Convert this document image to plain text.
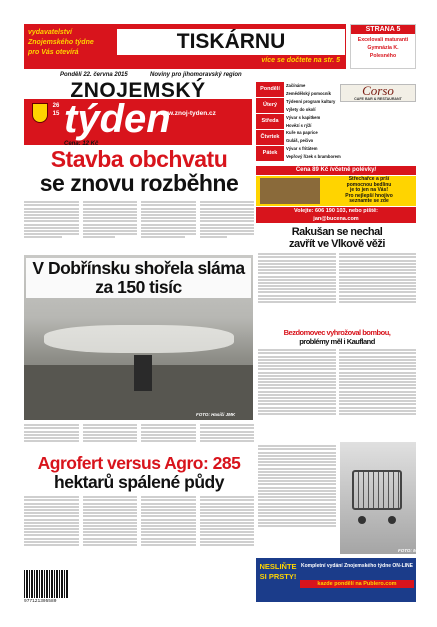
vydavatelství
Znojemského týdne
pro Vás otevírá	TISKÁRNU
více se dočtete na str. 5
STRANA 5
Excelovali maturanti
Gymnázia K.
Polesného
Pondělí 22. června 2015	Noviny pro jihomoravský region
ZNOJEMSKÝ
26
15 týden
www.znoj-tyden.cz
Cena: 12 Kč
Pondělí
Úterý
Středa
Čtvrtek
Pátek
Začínáme
Zemědělský pomocník
Týdenní program kultury
Výlety do okolí
Vývar s kapitkem
Hovězí s rýží
Kuře na paprice
Guláš, pečivo
Vývar s fritátem
Vepřový řízek s bramborem
Corso
CAFE BAR & RESTAURANT
Cena 89 Kč /včetně polévky/
Střechařce a prší
pomocnou bedlinu
je to jen na Vás!
Pro nejlepší hnojivo
seznamte se zde
Volejte: 606 190 103, nebo piště:
jan@bucena.com
Stavba obchvatu
se znovu rozběhne
V Dobřínsku shořela sláma za 150 tisíc
FOTO: Hasiči JMK
Agrofert versus Agro: 285
hektarů spálené půdy
977121305580
Rakušan se nechal
zavřít ve Vlkově věži
Bezdomovec vyhrožoval bombou,
problémy měl i Kaufland
FOTO: MI
NESLIŇTE SI PRSTY!
Kompletní vydání Znojemského týdne ON-LINE
kazde pondělí na Publero.com
